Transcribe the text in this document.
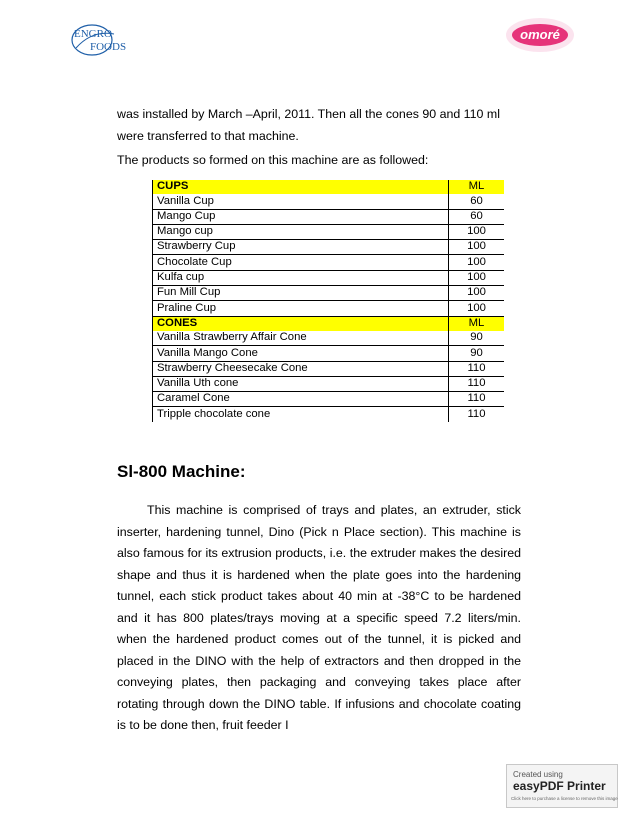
ENGRO
FOODS
omoré

was installed by March –April, 2011. Then all the cones 90 and 110 ml were transferred to that machine.

The products so formed on this machine are as followed:

CUPS	ML
Vanilla Cup	60
Mango Cup	60
Mango cup	100
Strawberry Cup	100
Chocolate Cup	100
Kulfa cup	100
Fun Mill Cup	100
Praline Cup	100
CONES	ML
Vanilla Strawberry Affair Cone	90
Vanilla Mango Cone	90
Strawberry Cheesecake Cone	110
Vanilla Uth cone	110
Caramel Cone	110
Tripple chocolate cone	110
Sl-800 Machine:

This machine is comprised of trays and plates, an extruder, stick inserter, hardening tunnel, Dino (Pick n Place section). This machine is also famous for its extrusion products, i.e. the extruder makes the desired shape and thus it is hardened when the plate goes into the hardening tunnel, each stick product takes about 40 min at -38°C to be hardened and it has 800 plates/trays moving at a specific speed 7.2 liters/min. when the hardened product comes out of the tunnel, it is picked and placed in the DINO with the help of extractors and then dropped in the conveying plates, then packaging and conveying takes place after rotating through down the DINO table. If infusions and chocolate coating is to be done then, fruit feeder I

Created using
easyPDF Printer
Click here to purchase a license to remove this image
